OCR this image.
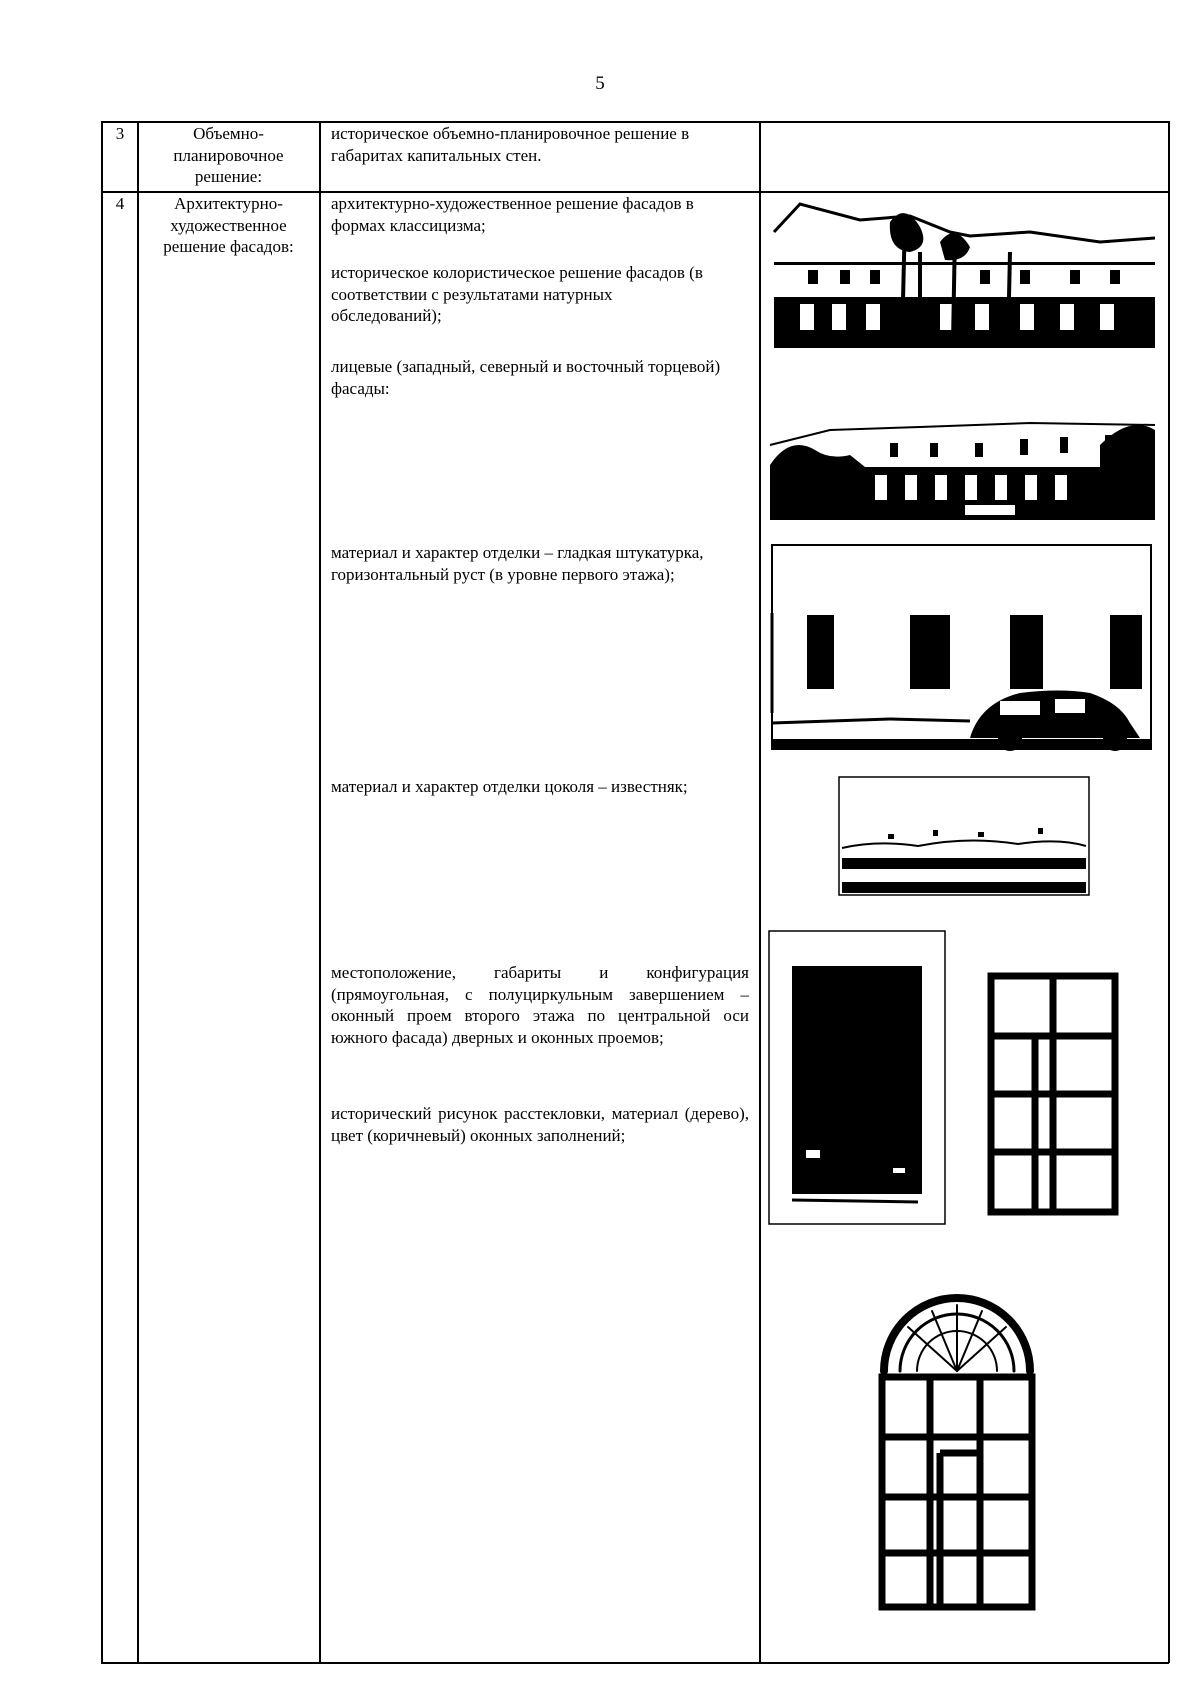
5
3	Объемно-планировочное решение:
историческое объемно-планировочное решение в габаритах капитальных стен.
4	Архитектурно-художественное решение фасадов:
архитектурно-художественное решение фасадов в формах классицизма;
историческое колористическое решение фасадов (в соответствии с результатами натурных обследований);
лицевые (западный, северный и восточный торцевой) фасады:
материал и характер отделки – гладкая штукатурка, горизонтальный руст (в уровне первого этажа);
материал и характер отделки цоколя – известняк;
местоположение, габариты и конфигурация (прямоугольная, с полуциркульным завершением – оконный проем второго этажа по центральной оси южного фасада) дверных и оконных проемов;
исторический рисунок расстекловки, материал (дерево), цвет (коричневый) оконных заполнений;
